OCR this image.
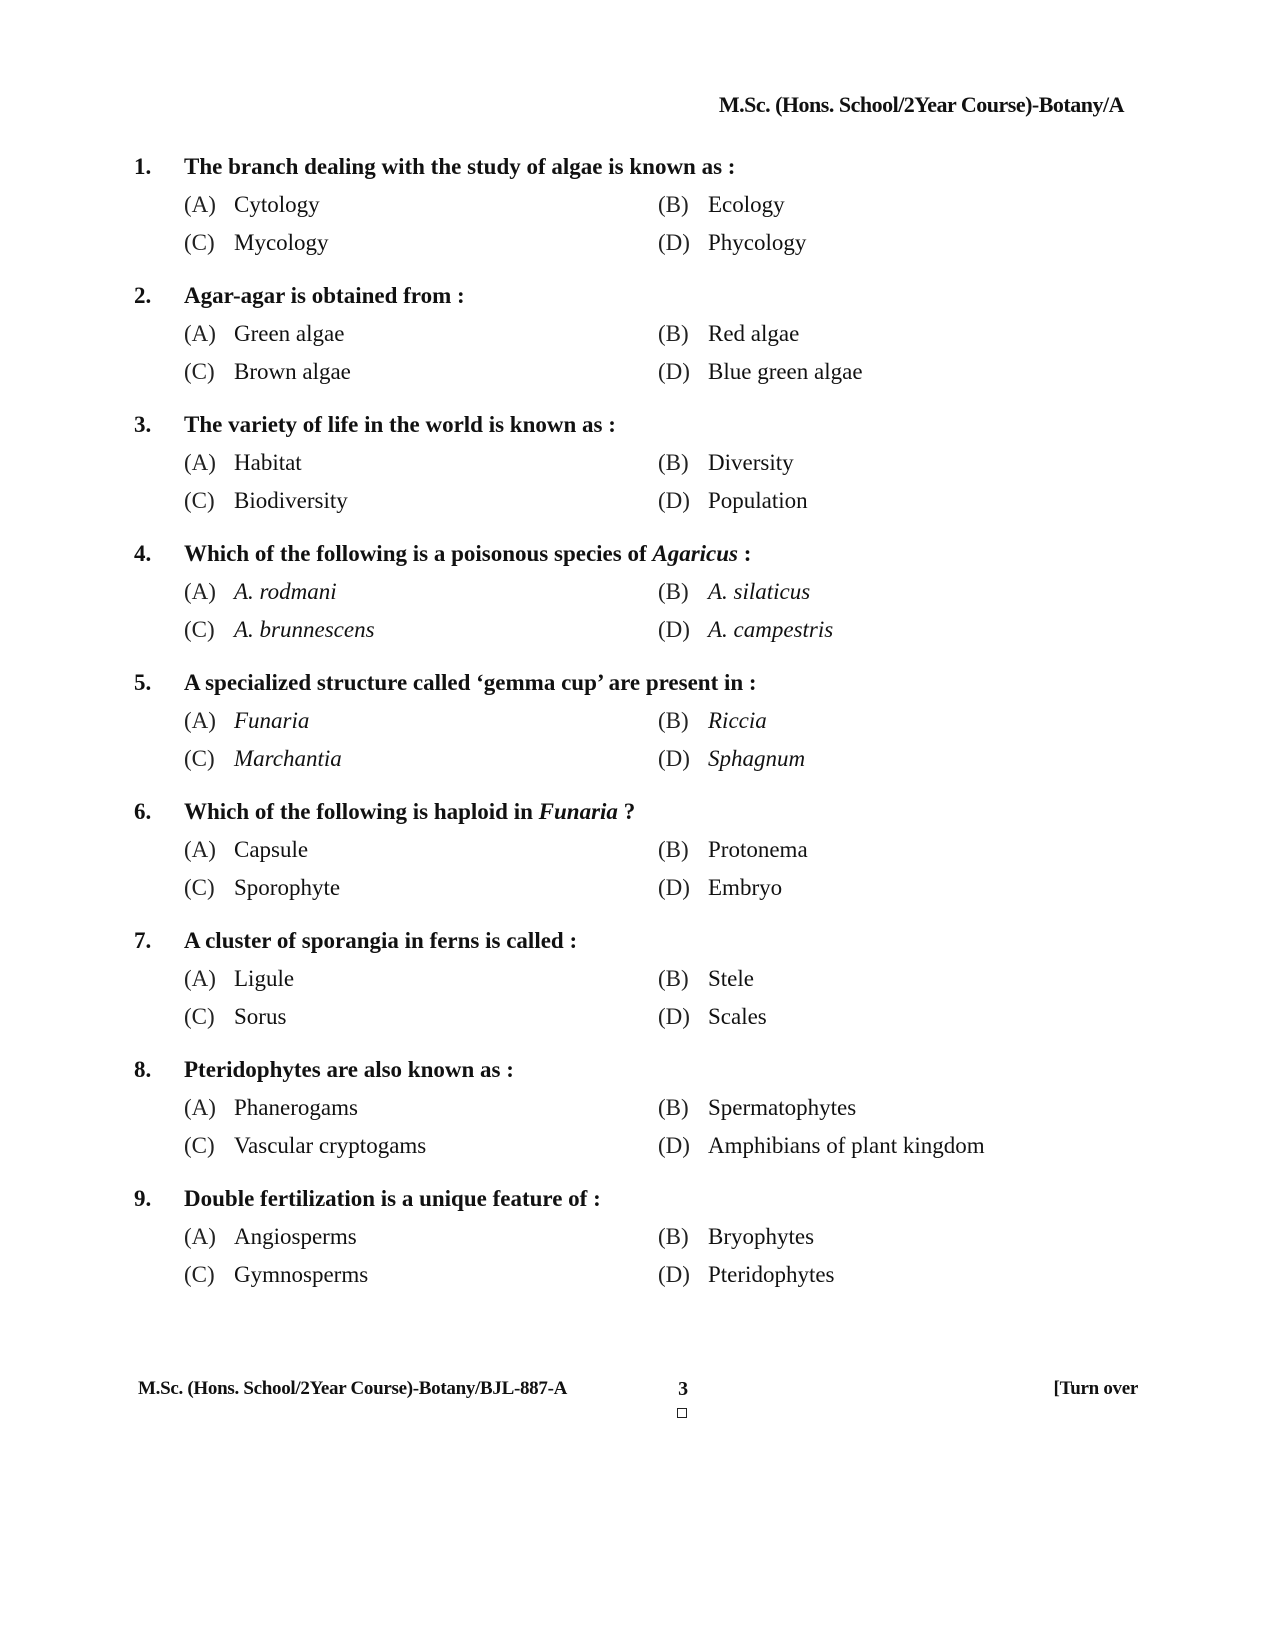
M.Sc. (Hons. School/2Year Course)-Botany/A
1.	The branch dealing with the study of algae is known as :
(A) Cytology	(B) Ecology
(C) Mycology	(D) Phycology
2.	Agar-agar is obtained from :
(A) Green algae	(B) Red algae
(C) Brown algae	(D) Blue green algae
3.	The variety of life in the world is known as :
(A) Habitat	(B) Diversity
(C) Biodiversity	(D) Population
4.	Which of the following is a poisonous species of Agaricus :
(A) A. rodmani	(B) A. silaticus
(C) A. brunnescens	(D) A. campestris
5.	A specialized structure called ‘gemma cup’ are present in :
(A) Funaria	(B) Riccia
(C) Marchantia	(D) Sphagnum
6.	Which of the following is haploid in Funaria ?
(A) Capsule	(B) Protonema
(C) Sporophyte	(D) Embryo
7.	A cluster of sporangia in ferns is called :
(A) Ligule	(B) Stele
(C) Sorus	(D) Scales
8.	Pteridophytes are also known as :
(A) Phanerogams	(B) Spermatophytes
(C) Vascular cryptogams	(D) Amphibians of plant kingdom
9.	Double fertilization is a unique feature of :
(A) Angiosperms	(B) Bryophytes
(C) Gymnosperms	(D) Pteridophytes
M.Sc. (Hons. School/2Year Course)-Botany/BJL-887-A	3	[Turn over
